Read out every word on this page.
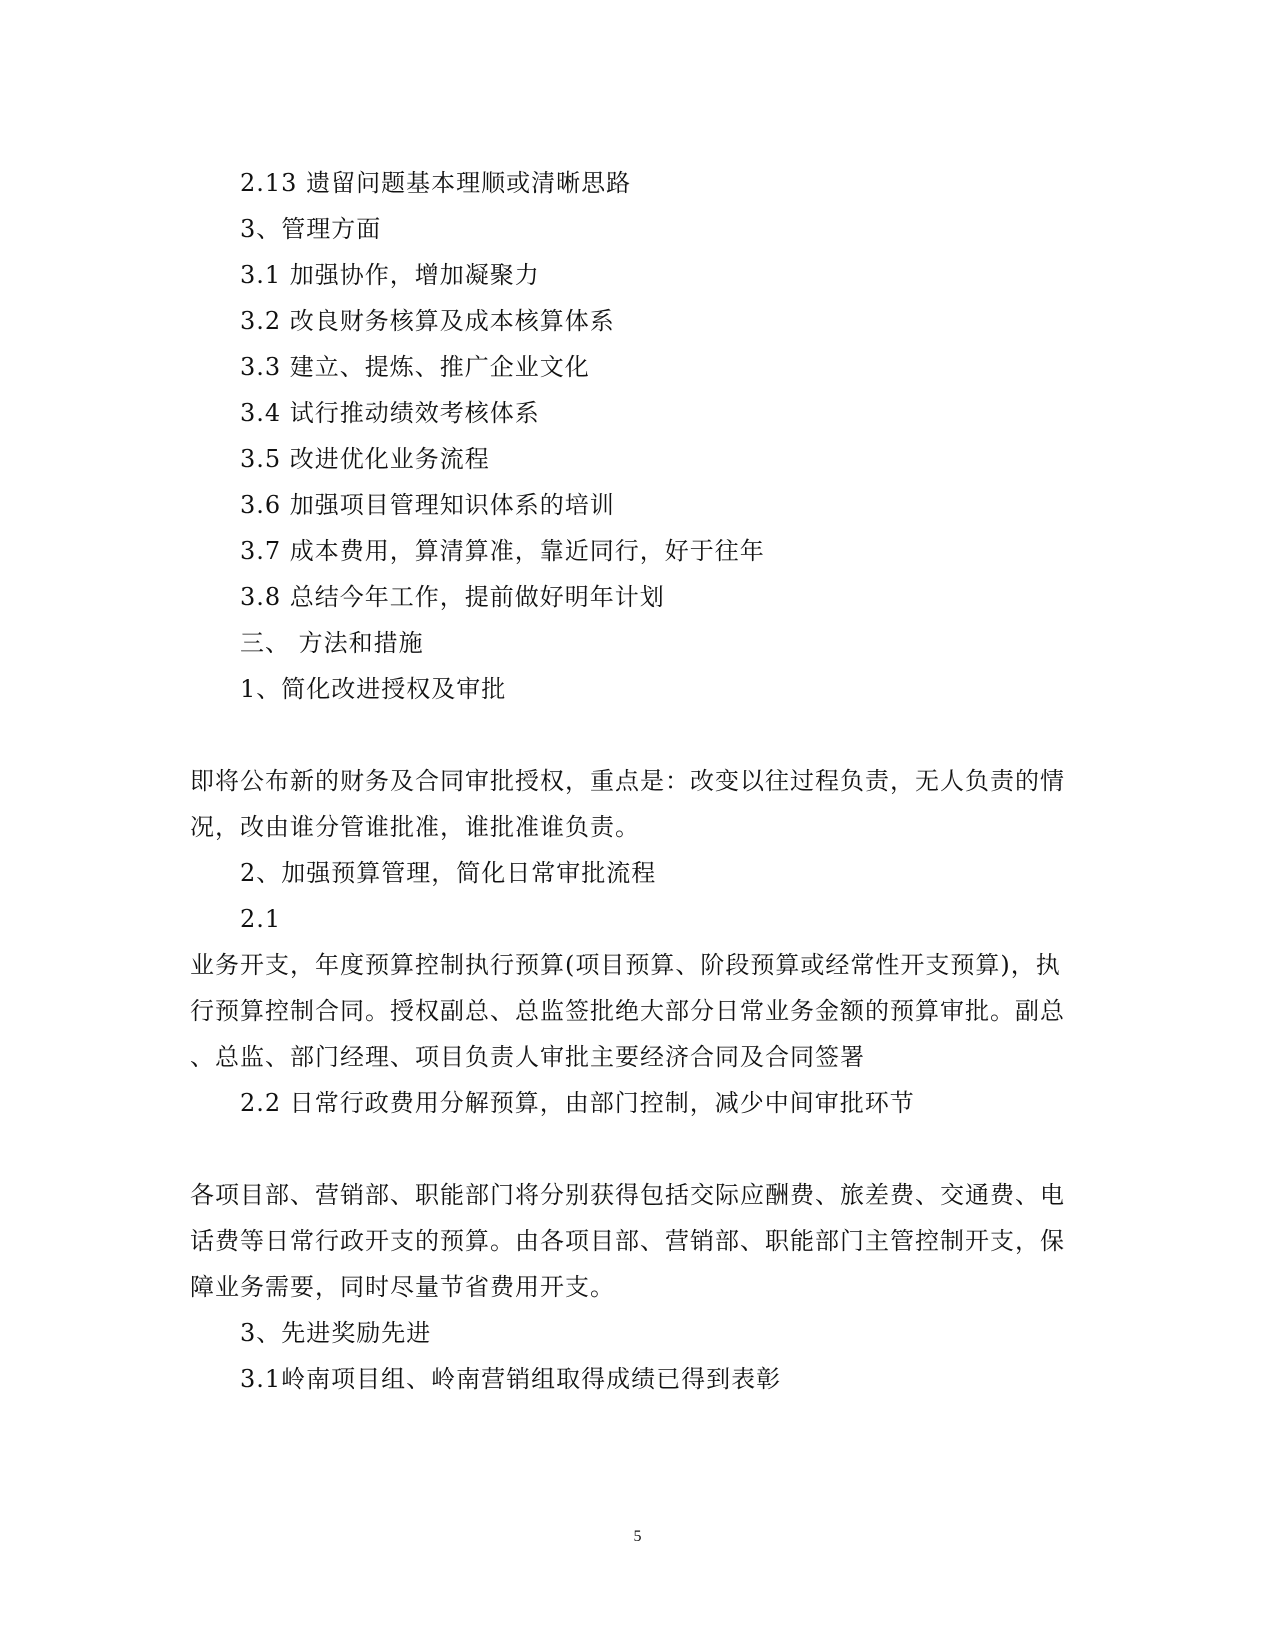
2.13 遗留问题基本理顺或清晰思路
3、管理方面
3.1 加强协作，增加凝聚力
3.2 改良财务核算及成本核算体系
3.3 建立、提炼、推广企业文化
3.4 试行推动绩效考核体系
3.5 改进优化业务流程
3.6 加强项目管理知识体系的培训
3.7 成本费用，算清算准，靠近同行，好于往年
3.8 总结今年工作，提前做好明年计划
三、 方法和措施
1、简化改进授权及审批
即将公布新的财务及合同审批授权，重点是：改变以往过程负责，无人负责的情
况，改由谁分管谁批准，谁批准谁负责。
2、加强预算管理，简化日常审批流程
2.1
业务开支，年度预算控制执行预算(项目预算、阶段预算或经常性开支预算)，执
行预算控制合同。授权副总、总监签批绝大部分日常业务金额的预算审批。副总
、总监、部门经理、项目负责人审批主要经济合同及合同签署
2.2 日常行政费用分解预算，由部门控制，减少中间审批环节
各项目部、营销部、职能部门将分别获得包括交际应酬费、旅差费、交通费、电
话费等日常行政开支的预算。由各项目部、营销部、职能部门主管控制开支，保
障业务需要，同时尽量节省费用开支。
3、先进奖励先进
3.1岭南项目组、岭南营销组取得成绩已得到表彰
5
